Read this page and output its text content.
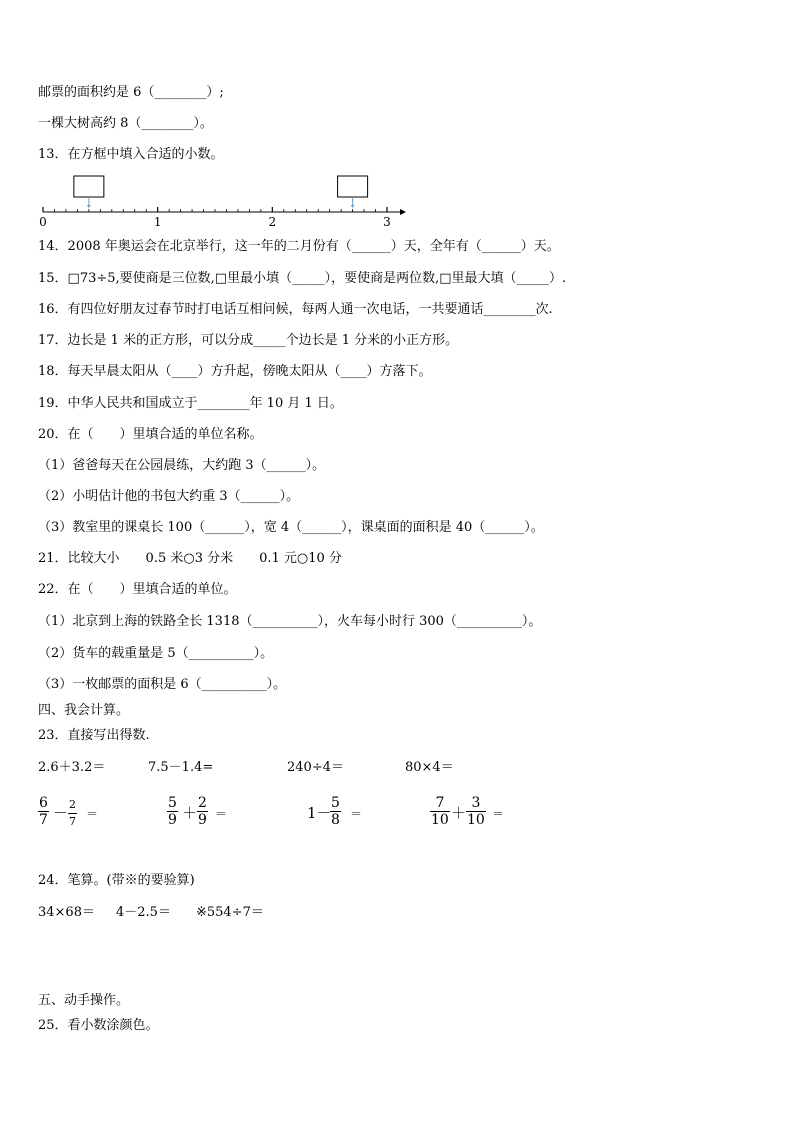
邮票的面积约是 6（________）;
一棵大树高约 8（________）。
13．在方框中填入合适的小数。
0	1	2	3
14．2008 年奥运会在北京举行，这一年的二月份有（______）天，全年有（______）天。
15．□73÷5,要使商是三位数,□里最小填（_____），要使商是两位数,□里最大填（_____）.
16．有四位好朋友过春节时打电话互相问候，每两人通一次电话，一共要通话________次.
17．边长是 1 米的正方形，可以分成_____个边长是 1 分米的小正方形。
18．每天早晨太阳从（____）方升起，傍晚太阳从（____）方落下。
19．中华人民共和国成立于________年 10 月 1 日。
20．在（　　）里填合适的单位名称。
（1）爸爸每天在公园晨练，大约跑 3（______）。
（2）小明估计他的书包大约重 3（______）。
（3）教室里的课桌长 100（______），宽 4（______），课桌面的面积是 40（______）。
21．比较大小　　0.5 米○3 分米　　0.1 元○10 分
22．在（　　）里填合适的单位。
（1）北京到上海的铁路全长 1318（__________），火车每小时行 300（__________）。
（2）货车的载重量是 5（__________）。
（3）一枚邮票的面积是 6（__________）。
四、我会计算。
23．直接写出得数.
2.6＋3.2＝	7.5－1.4=	240÷4＝	80×4＝
6
7 － 2
7
＝
5
9 ＋
2
9 ＝	1－
5
8 ＝
7
10 ＋
3
10 ＝
24．笔算。(带※的要验算)
34×68＝ 4－2.5＝ ※554÷7＝
五、动手操作。
25．看小数涂颜色。
